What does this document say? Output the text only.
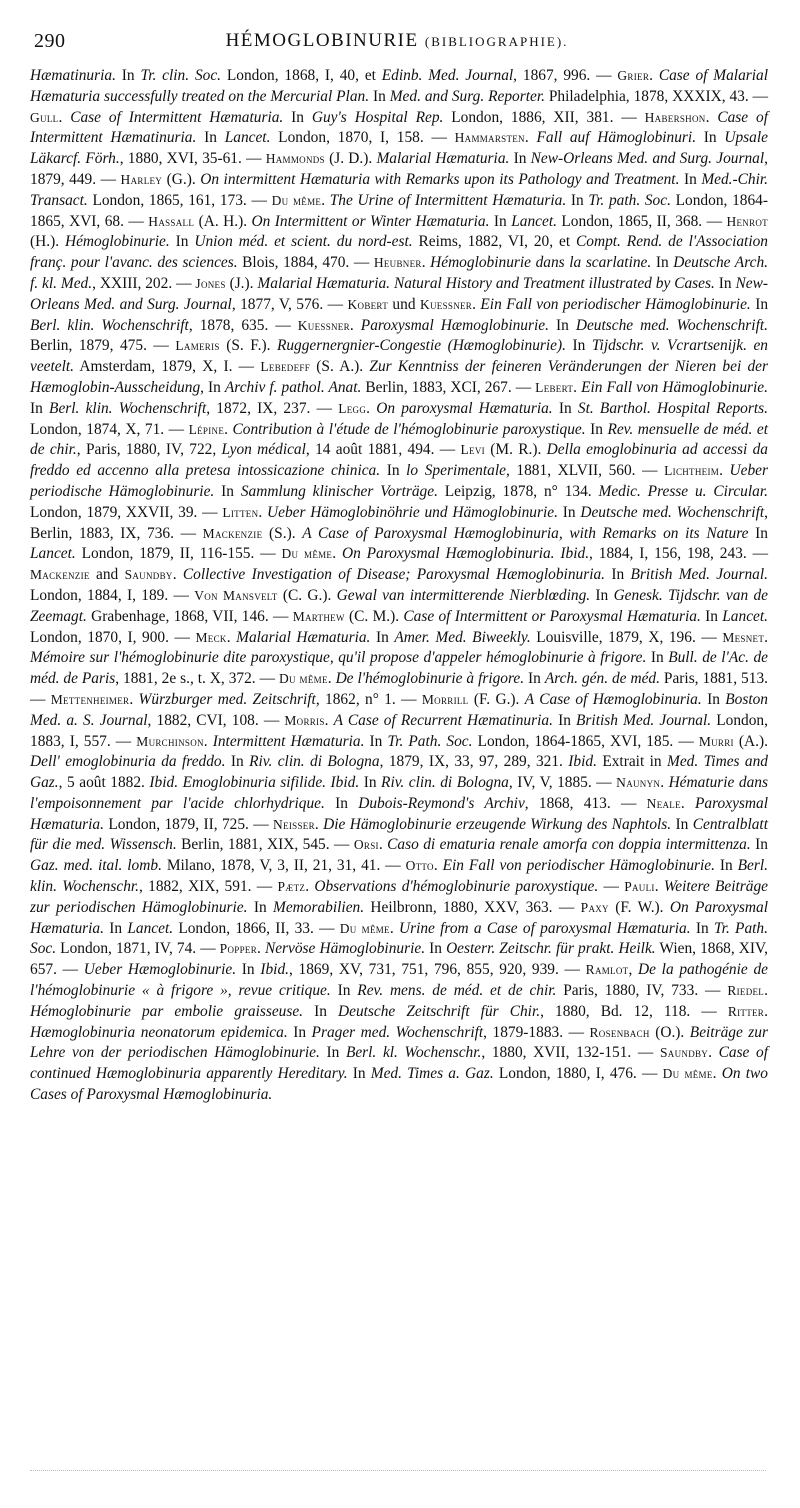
290	HÉMOGLOBINURIE (BIBLIOGRAPHIE).
Hæmatinuria. In Tr. clin. Soc. London, 1868, I, 40, et Edinb. Med. Journal, 1867, 996. — Grier. Case of Malarial Hæmaturia successfully treated on the Mercurial Plan. In Med. and Surg. Reporter. Philadelphia, 1878, XXXIX, 43. — Gull. Case of Intermittent Hæmaturia. In Guy's Hospital Rep. London, 1886, XII, 381. — Habershon. Case of Intermittent Hæmatinuria. In Lancet. London, 1870, I, 158. — Hammarsten. Fall auf Hämoglobinuri. In Upsale Läkarcf. Förh., 1880, XVI, 35-61. — Hammonds (J. D.). Malarial Hæmaturia. In New-Orleans Med. and Surg. Journal, 1879, 449. — Harley (G.). On intermittent Hæmaturia with Remarks upon its Pathology and Treatment. In Med.-Chir. Transact. London, 1865, 161, 173. — Du même. The Urine of Intermittent Hæmaturia. In Tr. path. Soc. London, 1864-1865, XVI, 68. — Hassall (A. H.). On Intermittent or Winter Hæmaturia. In Lancet. London, 1865, II, 368. — Henrot (H.). Hémoglobinurie. In Union méd. et scient. du nord-est. Reims, 1882, VI, 20, et Compt. Rend. de l'Association franç. pour l'avanc. des sciences. Blois, 1884, 470. — Heubner. Hémoglobinurie dans la scarlatine. In Deutsche Arch. f. kl. Med., XXIII, 202. — Jones (J.). Malarial Hæmaturia. Natural History and Treatment illustrated by Cases. In New-Orleans Med. and Surg. Journal, 1877, V, 576. — Kobert und Kuessner. Ein Fall von periodischer Hämoglobinurie. In Berl. klin. Wochenschrift, 1878, 635. — Kuessner. Paroxysmal Hæmoglobinurie. In Deutsche med. Wochenschrift. Berlin, 1879, 475. — Lameris (S. F.). Ruggernergnier-Congestie (Hæmoglobinurie). In Tijdschr. v. Vcrartsenijk. en veetelt. Amsterdam, 1879, X, I. — Lebedeff (S. A.). Zur Kenntniss der feineren Veränderungen der Nieren bei der Hæmoglobin-Ausscheidung, In Archiv f. pathol. Anat. Berlin, 1883, XCI, 267. — Lebert. Ein Fall von Hämoglobinurie. In Berl. klin. Wochenschrift, 1872, IX, 237. — Legg. On paroxysmal Hæmaturia. In St. Barthol. Hospital Reports. London, 1874, X, 71. — Lépine. Contribution à l'étude de l'hémoglobinurie paroxystique. In Rev. mensuelle de méd. et de chir., Paris, 1880, IV, 722, Lyon médical, 14 août 1881, 494. — Levi (M. R.). Della emoglobinuria ad accessi da freddo ed accenno alla pretesa intossicazione chinica. In lo Sperimentale, 1881, XLVII, 560. — Lichtheim. Ueber periodische Hämoglobinurie. In Sammlung klinischer Vorträge. Leipzig, 1878, n° 134. Medic. Presse u. Circular. London, 1879, XXVII, 39. — Litten. Ueber Hämoglobinöhrie und Hämoglobinurie. In Deutsche med. Wochenschrift, Berlin, 1883, IX, 736. — Mackenzie (S.). A Case of Paroxysmal Hæmoglobinuria, with Remarks on its Nature In Lancet. London, 1879, II, 116-155. — Du même. On Paroxysmal Hæmoglobinuria. Ibid., 1884, I, 156, 198, 243. — Mackenzie and Saundby. Collective Investigation of Disease; Paroxysmal Hæmoglobinuria. In British Med. Journal. London, 1884, I, 189. — Von Mansvelt (C. G.). Gewal van intermitterende Nierblœding. In Genesk. Tijdschr. van de Zeemagt. Grabenhage, 1868, VII, 146. — Marthew (C. M.). Case of Intermittent or Paroxysmal Hæmaturia. In Lancet. London, 1870, I, 900. — Meck. Malarial Hæmaturia. In Amer. Med. Biweekly. Louisville, 1879, X, 196. — Mesnet. Mémoire sur l'hémoglobinurie dite paroxystique, qu'il propose d'appeler hémoglobinurie à frigore. In Bull. de l'Ac. de méd. de Paris, 1881, 2e s., t. X, 372. — Du même. De l'hémoglobinurie à frigore. In Arch. gén. de méd. Paris, 1881, 513. — Mettenheimer. Würzburger med. Zeitschrift, 1862, n° 1. — Morrill (F. G.). A Case of Hæmoglobinuria. In Boston Med. a. S. Journal, 1882, CVI, 108. — Morris. A Case of Recurrent Hæmatinuria. In British Med. Journal. London, 1883, I, 557. — Murchinson. Intermittent Hæmaturia. In Tr. Path. Soc. London, 1864-1865, XVI, 185. — Murri (A.). Dell' emoglobinuria da freddo. In Riv. clin. di Bologna, 1879, IX, 33, 97, 289, 321. Ibid. Extrait in Med. Times and Gaz., 5 août 1882. Ibid. Emoglobinuria sifilide. Ibid. In Riv. clin. di Bologna, IV, V, 1885. — Naunyn. Hématurie dans l'empoisonnement par l'acide chlorhydrique. In Dubois-Reymond's Archiv, 1868, 413. — Neale. Paroxysmal Hæmaturia. London, 1879, II, 725. — Neisser. Die Hämoglobinurie erzeugende Wirkung des Naphtols. In Centralblatt für die med. Wissensch. Berlin, 1881, XIX, 545. — Orsi. Caso di ematuria renale amorfa con doppia intermittenza. In Gaz. med. ital. lomb. Milano, 1878, V, 3, II, 21, 31, 41. — Otto. Ein Fall von periodischer Hämoglobinurie. In Berl. klin. Wochenschr., 1882, XIX, 591. — Pætz. Observations d'hémoglobinurie paroxystique. — Pauli. Weitere Beiträge zur periodischen Hämoglobinurie. In Memorabilien. Heilbronn, 1880, XXV, 363. — Paxy (F. W.). On Paroxysmal Hæmaturia. In Lancet. London, 1866, II, 33. — Du même. Urine from a Case of paroxysmal Hæmaturia. In Tr. Path. Soc. London, 1871, IV, 74. — Popper. Nervöse Hämoglobinurie. In Oesterr. Zeitschr. für prakt. Heilk. Wien, 1868, XIV, 657. — Ueber Hæmoglobinurie. In Ibid., 1869, XV, 731, 751, 796, 855, 920, 939. — Ramlot, De la pathogénie de l'hémoglobinurie « à frigore », revue critique. In Rev. mens. de méd. et de chir. Paris, 1880, IV, 733. — Riedel. Hémoglobinurie par embolie graisseuse. In Deutsche Zeitschrift für Chir., 1880, Bd. 12, 118. — Ritter. Hæmoglobinuria neonatorum epidemica. In Prager med. Wochenschrift, 1879-1883. — Rosenbach (O.). Beiträge zur Lehre von der periodischen Hämoglobinurie. In Berl. kl. Wochenschr., 1880, XVII, 132-151. — Saundby. Case of continued Hæmoglobinuria apparently Hereditary. In Med. Times a. Gaz. London, 1880, I, 476. — Du même. On two Cases of Paroxysmal Hæmoglobinuria.
